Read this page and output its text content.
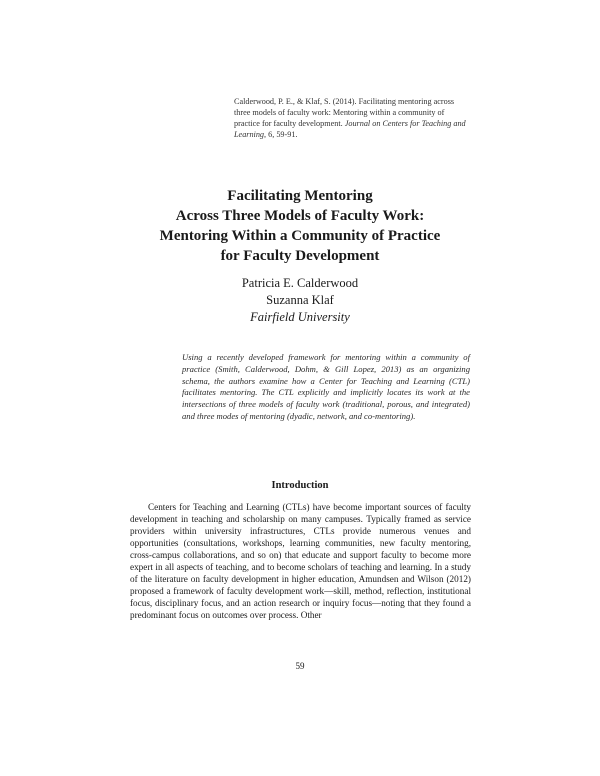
Calderwood, P. E., & Klaf, S. (2014). Facilitating mentoring across three models of faculty work: Mentoring within a community of practice for faculty development. Journal on Centers for Teaching and Learning, 6, 59-91.
Facilitating Mentoring
Across Three Models of Faculty Work:
Mentoring Within a Community of Practice
for Faculty Development
Patricia E. Calderwood
Suzanna Klaf
Fairfield University

Using a recently developed framework for mentoring within a community of practice (Smith, Calderwood, Dohm, & Gill Lopez, 2013) as an organizing schema, the authors examine how a Center for Teaching and Learning (CTL) facilitates mentoring. The CTL explicitly and implicitly locates its work at the intersections of three models of faculty work (traditional, porous, and integrated) and three modes of mentoring (dyadic, network, and co-mentoring).

Introduction

Centers for Teaching and Learning (CTLs) have become important sources of faculty development in teaching and scholarship on many campuses. Typically framed as service providers within university infrastructures, CTLs provide numerous venues and opportunities (consultations, workshops, learning communities, new faculty mentoring, cross-campus collaborations, and so on) that educate and support faculty to become more expert in all aspects of teaching, and to become scholars of teaching and learning. In a study of the literature on faculty development in higher education, Amundsen and Wilson (2012) proposed a framework of faculty development work—skill, method, reflection, institutional focus, disciplinary focus, and an action research or inquiry focus—noting that they found a predominant focus on outcomes over process. Other

59
